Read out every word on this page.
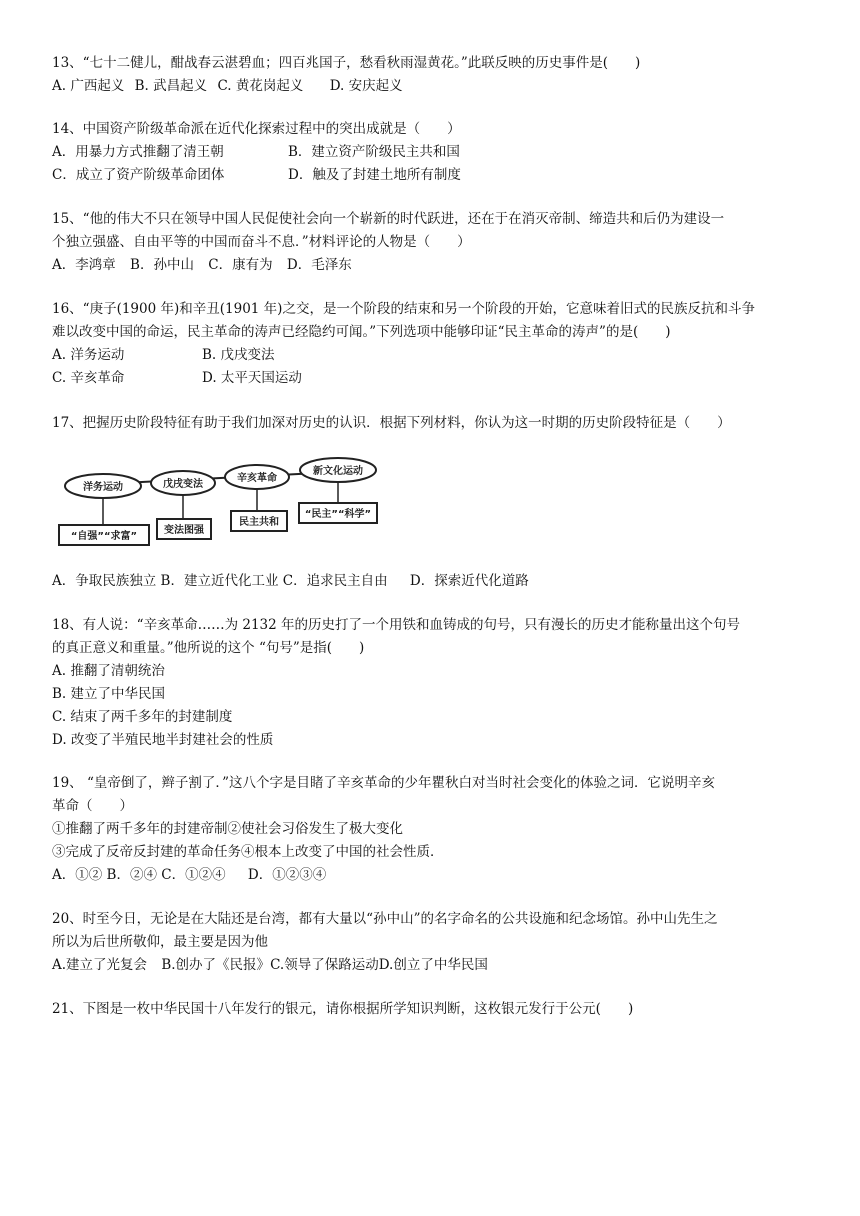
13、“七十二健儿，酣战春云湛碧血；四百兆国子，愁看秋雨湿黄花。”此联反映的历史事件是(　　)
A. 广西起义 B. 武昌起义 C. 黄花岗起义 D. 安庆起义
14、中国资产阶级革命派在近代化探索过程中的突出成就是（　　）
A．用暴力方式推翻了清王朝	B．建立资产阶级民主共和国
C．成立了资产阶级革命团体	D．触及了封建土地所有制度
15、“他的伟大不只在领导中国人民促使社会向一个崭新的时代跃进，还在于在消灭帝制、缔造共和后仍为建设一
个独立强盛、自由平等的中国而奋斗不息．”材料评论的人物是（　　）
A．李鸿章 B．孙中山 C．康有为 D．毛泽东
16、“庚子(1900 年)和辛丑(1901 年)之交，是一个阶段的结束和另一个阶段的开始，它意味着旧式的民族反抗和斗争
难以改变中国的命运，民主革命的涛声已经隐约可闻。”下列选项中能够印证“民主革命的涛声”的是(　　)
A. 洋务运动	B. 戊戌变法
C. 辛亥革命	D. 太平天国运动
17、把握历史阶段特征有助于我们加深对历史的认识．根据下列材料，你认为这一时期的历史阶段特征是（　　）
洋务运动	戊戌变法
辛亥革命
新文化运动
“自强”“求富”
变法图强
民主共和
“民主”“科学”
A．争取民族独立 B．建立近代化工业 C．追求民主自由 D．探索近代化道路
18、有人说：“辛亥革命……为 2132 年的历史打了一个用铁和血铸成的句号，只有漫长的历史才能称量出这个句号
的真正意义和重量。”他所说的这个 “句号”是指(　　)
A. 推翻了清朝统治
B. 建立了中华民国
C. 结束了两千多年的封建制度
D. 改变了半殖民地半封建社会的性质
19、 “皇帝倒了，辫子割了．”这八个字是目睹了辛亥革命的少年瞿秋白对当时社会变化的体验之词．它说明辛亥
革命（　　）
①推翻了两千多年的封建帝制②使社会习俗发生了极大变化
③完成了反帝反封建的革命任务④根本上改变了中国的社会性质．
A．①② B．②④ C．①②④ D．①②③④
20、时至今日，无论是在大陆还是台湾，都有大量以“孙中山”的名字命名的公共设施和纪念场馆。孙中山先生之
所以为后世所敬仰，最主要是因为他
A.建立了光复会 B.创办了《民报》C.领导了保路运动D.创立了中华民国
21、下图是一枚中华民国十八年发行的银元，请你根据所学知识判断，这枚银元发行于公元(　　)
